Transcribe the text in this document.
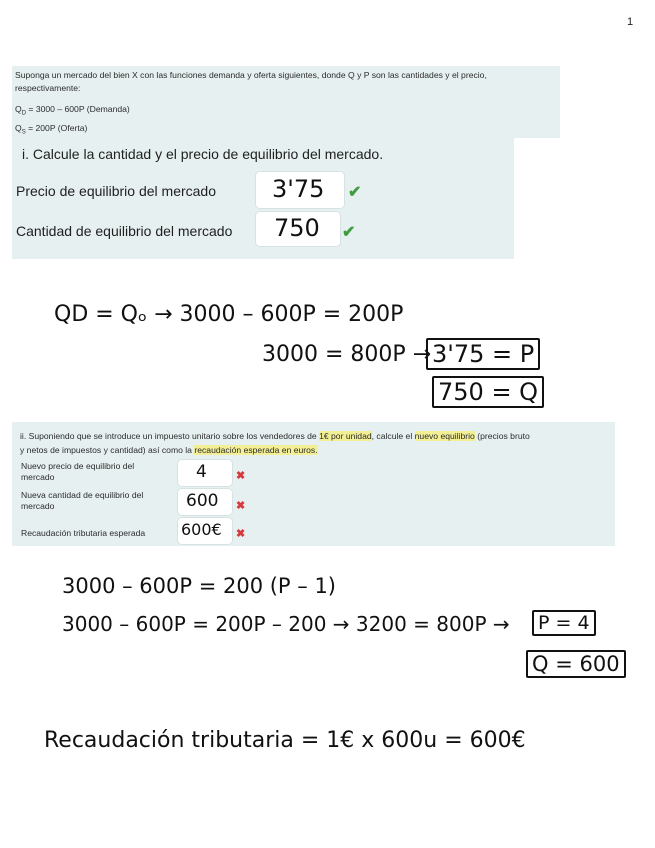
1
Suponga un mercado del bien X con las funciones demanda y oferta siguientes, donde Q y P son las cantidades y el precio,
respectivamente:
$Q_D = 3000 - 600P$ (Demanda)
$Q_S = 200P$ (Oferta)
i. Calcule la cantidad y el precio de equilibrio del mercado.
Precio de equilibrio del mercado 3'75 ✔
Cantidad de equilibrio del mercado 750 ✔
QD = Qₒ → 3000 – 600P = 200P
3000 = 800P → 3'75 = P
750 = Q
ii. Suponiendo que se introduce un impuesto unitario sobre los vendedores de 1€ por unidad, calcule el nuevo equilibrio (precios bruto
y netos de impuestos y cantidad) así como la recaudación esperada en euros.
Nuevo precio de equilibrio del mercado	4	✖
Nueva cantidad de equilibrio del mercado	600 ✖
Recaudación tributaria esperada	600€ ✖
3000 – 600P = 200 (P – 1)
3000 – 600P = 200P – 200 → 3200 = 800P →	P = 4
Q = 600
Recaudación tributaria = 1€ x 600u = 600€
